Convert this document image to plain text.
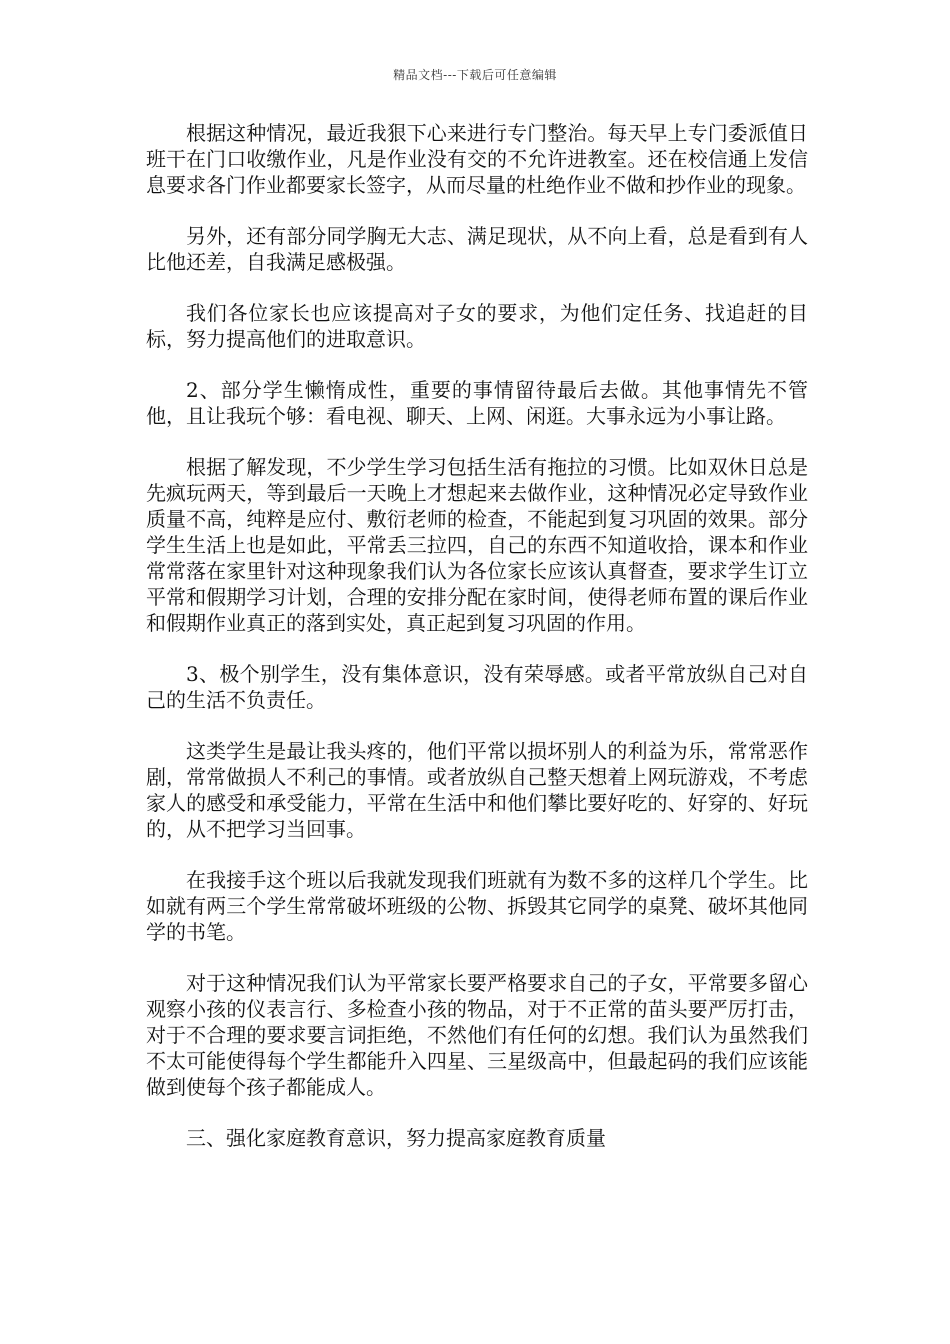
精品文档---下载后可任意编辑

根据这种情况，最近我狠下心来进行专门整治。每天早上专门委派值日班干在门口收缴作业，凡是作业没有交的不允许进教室。还在校信通上发信息要求各门作业都要家长签字，从而尽量的杜绝作业不做和抄作业的现象。

另外，还有部分同学胸无大志、满足现状，从不向上看，总是看到有人比他还差，自我满足感极强。

我们各位家长也应该提高对子女的要求，为他们定任务、找追赶的目标，努力提高他们的进取意识。

2、部分学生懒惰成性，重要的事情留待最后去做。其他事情先不管他，且让我玩个够：看电视、聊天、上网、闲逛。大事永远为小事让路。

根据了解发现，不少学生学习包括生活有拖拉的习惯。比如双休日总是先疯玩两天，等到最后一天晚上才想起来去做作业，这种情况必定导致作业质量不高，纯粹是应付、敷衍老师的检查，不能起到复习巩固的效果。部分学生生活上也是如此，平常丢三拉四，自己的东西不知道收拾，课本和作业常常落在家里针对这种现象我们认为各位家长应该认真督查，要求学生订立平常和假期学习计划，合理的安排分配在家时间，使得老师布置的课后作业和假期作业真正的落到实处，真正起到复习巩固的作用。

3、极个别学生，没有集体意识，没有荣辱感。或者平常放纵自己对自己的生活不负责任。

这类学生是最让我头疼的，他们平常以损坏别人的利益为乐，常常恶作剧，常常做损人不利己的事情。或者放纵自己整天想着上网玩游戏，不考虑家人的感受和承受能力，平常在生活中和他们攀比要好吃的、好穿的、好玩的，从不把学习当回事。

在我接手这个班以后我就发现我们班就有为数不多的这样几个学生。比如就有两三个学生常常破坏班级的公物、拆毁其它同学的桌凳、破坏其他同学的书笔。

对于这种情况我们认为平常家长要严格要求自己的子女，平常要多留心观察小孩的仪表言行、多检查小孩的物品，对于不正常的苗头要严厉打击，对于不合理的要求要言词拒绝，不然他们有任何的幻想。我们认为虽然我们不太可能使得每个学生都能升入四星、三星级高中，但最起码的我们应该能做到使每个孩子都能成人。

三、强化家庭教育意识，努力提高家庭教育质量
